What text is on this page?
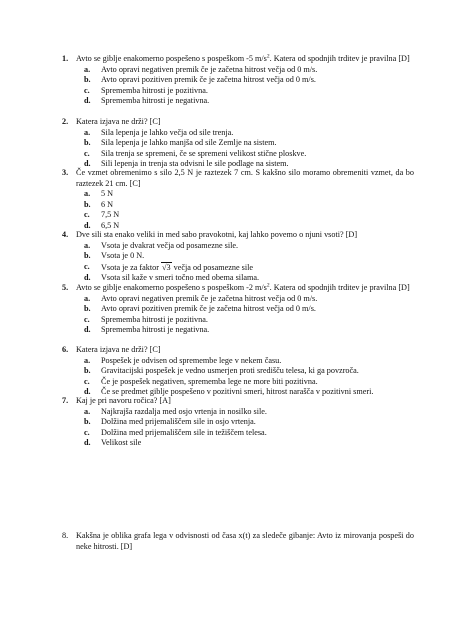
1. Avto se giblje enakomerno pospešeno s pospeškom -5 $m/s^2$. Katera od spodnjih trditev je pravilna [D]
a. Avto opravi negativen premik če je začetna hitrost večja od 0 m/s.
b. Avto opravi pozitiven premik če je začetna hitrost večja od 0 m/s.
c. Sprememba hitrosti je pozitivna.
d. Sprememba hitrosti je negativna.
2. Katera izjava ne drži? [C]
a. Sila lepenja je lahko večja od sile trenja.
b. Sila lepenja je lahko manjša od sile Zemlje na sistem.
c. Sila trenja se spremeni, če se spremeni velikost stične ploskve.
d. Sili lepenja in trenja sta odvisni le sile podlage na sistem.
3. Če vzmet obremenimo s silo 2,5 N je raztezek 7 cm. S kakšno silo moramo obremeniti vzmet, da bo raztezek 21 cm. [C]
a. 5 N
b. 6 N
c. 7,5 N
d. 6,5 N
4. Dve sili sta enako veliki in med sabo pravokotni, kaj lahko povemo o njuni vsoti? [D]
a. Vsota je dvakrat večja od posamezne sile.
b. Vsota je 0 N.
c. Vsota je za faktor √3 večja od posamezne sile
d. Vsota sil kaže v smeri točno med obema silama.
5. Avto se giblje enakomerno pospešeno s pospeškom -2 $m/s^2$. Katera od spodnjih trditev je pravilna [D]
a. Avto opravi negativen premik če je začetna hitrost večja od 0 m/s.
b. Avto opravi pozitiven premik če je začetna hitrost večja od 0 m/s.
c. Sprememba hitrosti je pozitivna.
d. Sprememba hitrosti je negativna.
6. Katera izjava ne drži? [C]
a. Pospešek je odvisen od spremembe lege v nekem času.
b. Gravitacijski pospešek je vedno usmerjen proti središču telesa, ki ga povzroča.
c. Če je pospešek negativen, sprememba lege ne more biti pozitivna.
d. Če se predmet giblje pospešeno v pozitivni smeri, hitrost narašča v pozitivni smeri.
7. Kaj je pri navoru ročica? [A]
a. Najkrajša razdalja med osjo vrtenja in nosilko sile.
b. Dolžina med prijemališčem sile in osjo vrtenja.
c. Dolžina med prijemališčem sile in težiščem telesa.
d. Velikost sile
8. Kakšna je oblika grafa lega v odvisnosti od časa x(t) za sledeče gibanje: Avto iz mirovanja pospeši do neke hitrosti. [D]
